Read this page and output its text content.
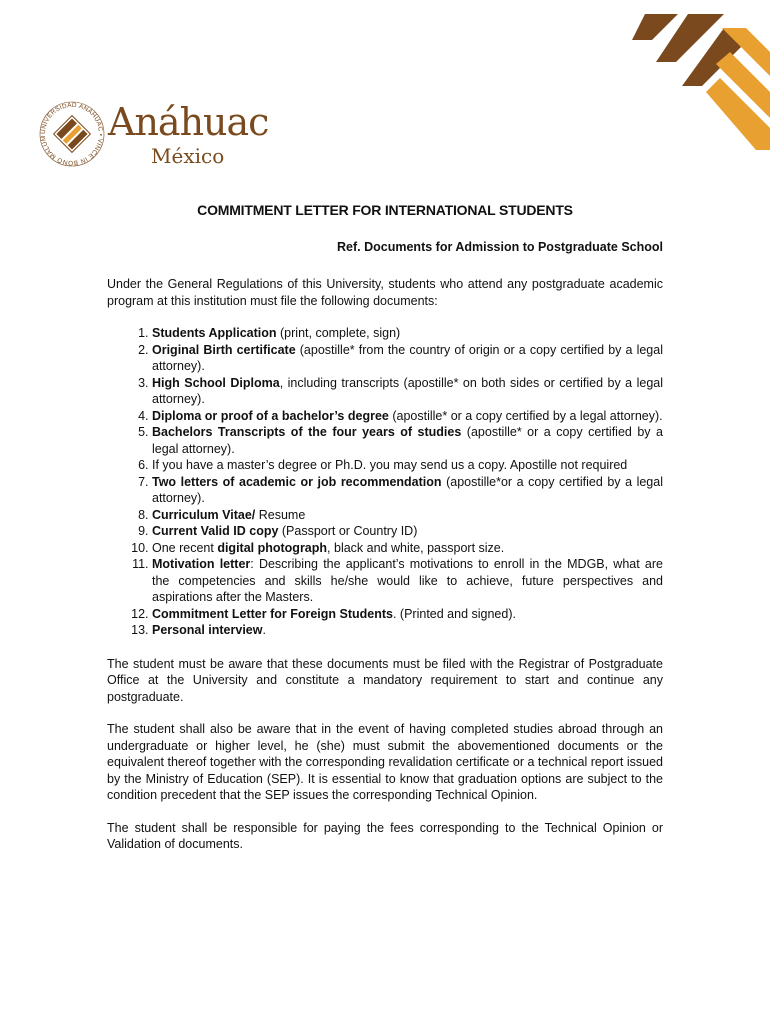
UNIVERSIDAD ANÁHUAC • VINCE IN BONO MALUM	Anáhuac
México
COMMITMENT LETTER FOR INTERNATIONAL STUDENTS
Ref. Documents for Admission to Postgraduate School

Under the General Regulations of this University, students who attend any postgraduate academic program at this institution must file the following documents:

1. Students Application (print, complete, sign)
2. Original Birth certificate (apostille* from the country of origin or a copy certified by a legal attorney).
3. High School Diploma, including transcripts (apostille* on both sides or certified by a legal attorney).
4. Diploma or proof of a bachelor’s degree (apostille* or a copy certified by a legal attorney).
5. Bachelors Transcripts of the four years of studies (apostille* or a copy certified by a legal attorney).
6. If you have a master’s degree or Ph.D. you may send us a copy. Apostille not required
7. Two letters of academic or job recommendation (apostille*or a copy certified by a legal attorney).
8. Curriculum Vitae/ Resume
9. Current Valid ID copy (Passport or Country ID)
10. One recent digital photograph, black and white, passport size.
11. Motivation letter: Describing the applicant’s motivations to enroll in the MDGB, what are the competencies and skills he/she would like to achieve, future perspectives and aspirations after the Masters.
12. Commitment Letter for Foreign Students. (Printed and signed).
13. Personal interview.

The student must be aware that these documents must be filed with the Registrar of Postgraduate Office at the University and constitute a mandatory requirement to start and continue any postgraduate.

The student shall also be aware that in the event of having completed studies abroad through an undergraduate or higher level, he (she) must submit the abovementioned documents or the equivalent thereof together with the corresponding revalidation certificate or a technical report issued by the Ministry of Education (SEP). It is essential to know that graduation options are subject to the condition precedent that the SEP issues the corresponding Technical Opinion.

The student shall be responsible for paying the fees corresponding to the Technical Opinion or Validation of documents.
